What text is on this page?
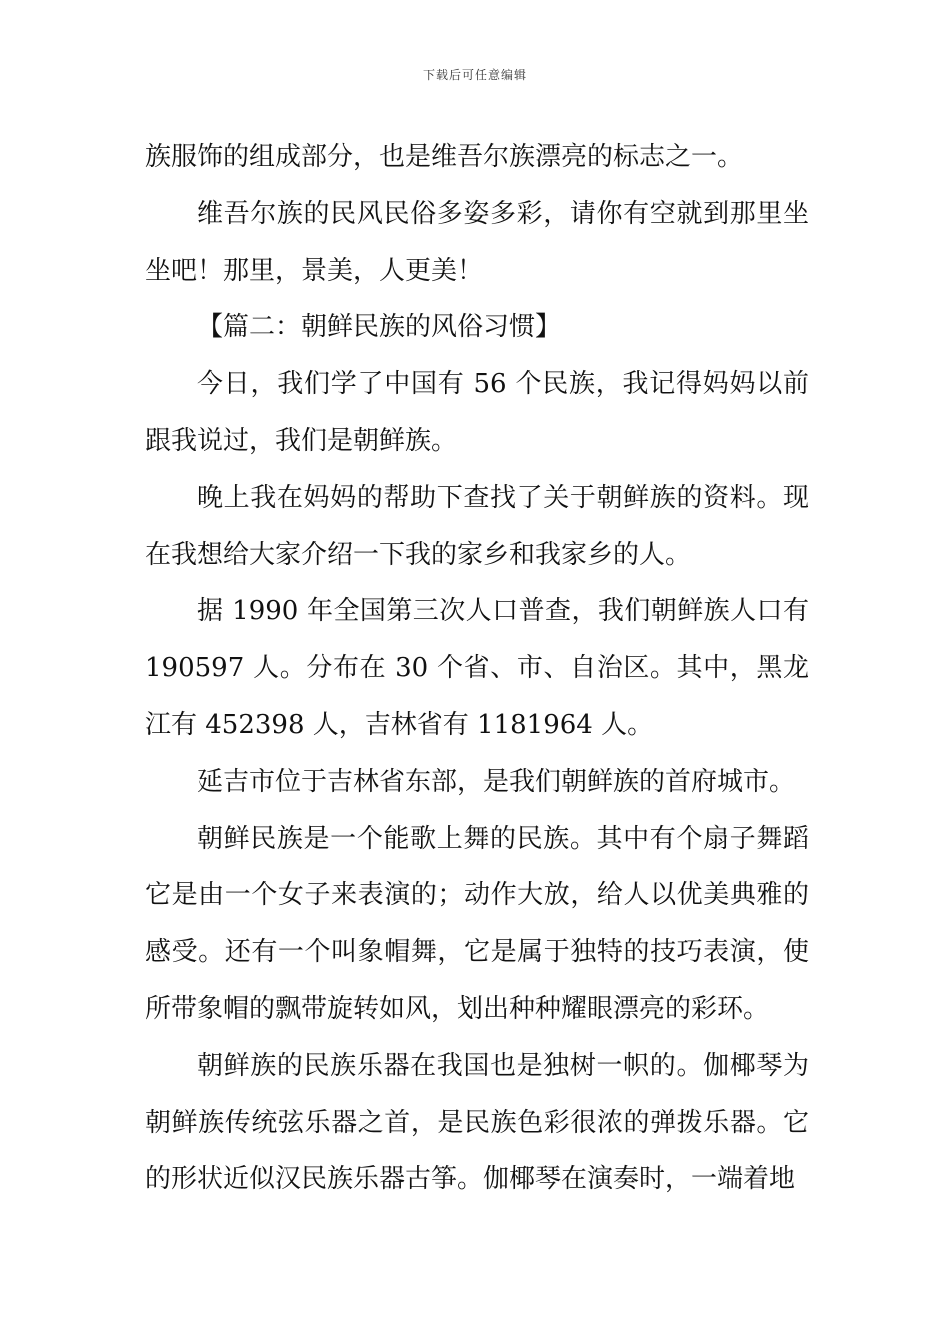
下载后可任意编辑

族服饰的组成部分，也是维吾尔族漂亮的标志之一。

维吾尔族的民风民俗多姿多彩，请你有空就到那里坐坐吧！那里，景美，人更美！

【篇二：朝鲜民族的风俗习惯】

今日，我们学了中国有 56 个民族，我记得妈妈以前跟我说过，我们是朝鲜族。

晚上我在妈妈的帮助下查找了关于朝鲜族的资料。现在我想给大家介绍一下我的家乡和我家乡的人。

据 1990 年全国第三次人口普查，我们朝鲜族人口有 190597 人。分布在 30 个省、市、自治区。其中，黑龙江有 452398 人，吉林省有 1181964 人。

延吉市位于吉林省东部，是我们朝鲜族的首府城市。

朝鲜民族是一个能歌上舞的民族。其中有个扇子舞蹈它是由一个女子来表演的；动作大放，给人以优美典雅的感受。还有一个叫象帽舞，它是属于独特的技巧表演，使所带象帽的飘带旋转如风，划出种种耀眼漂亮的彩环。

朝鲜族的民族乐器在我国也是独树一帜的。伽椰琴为朝鲜族传统弦乐器之首，是民族色彩很浓的弹拨乐器。它的形状近似汉民族乐器古筝。伽椰琴在演奏时，一端着地
